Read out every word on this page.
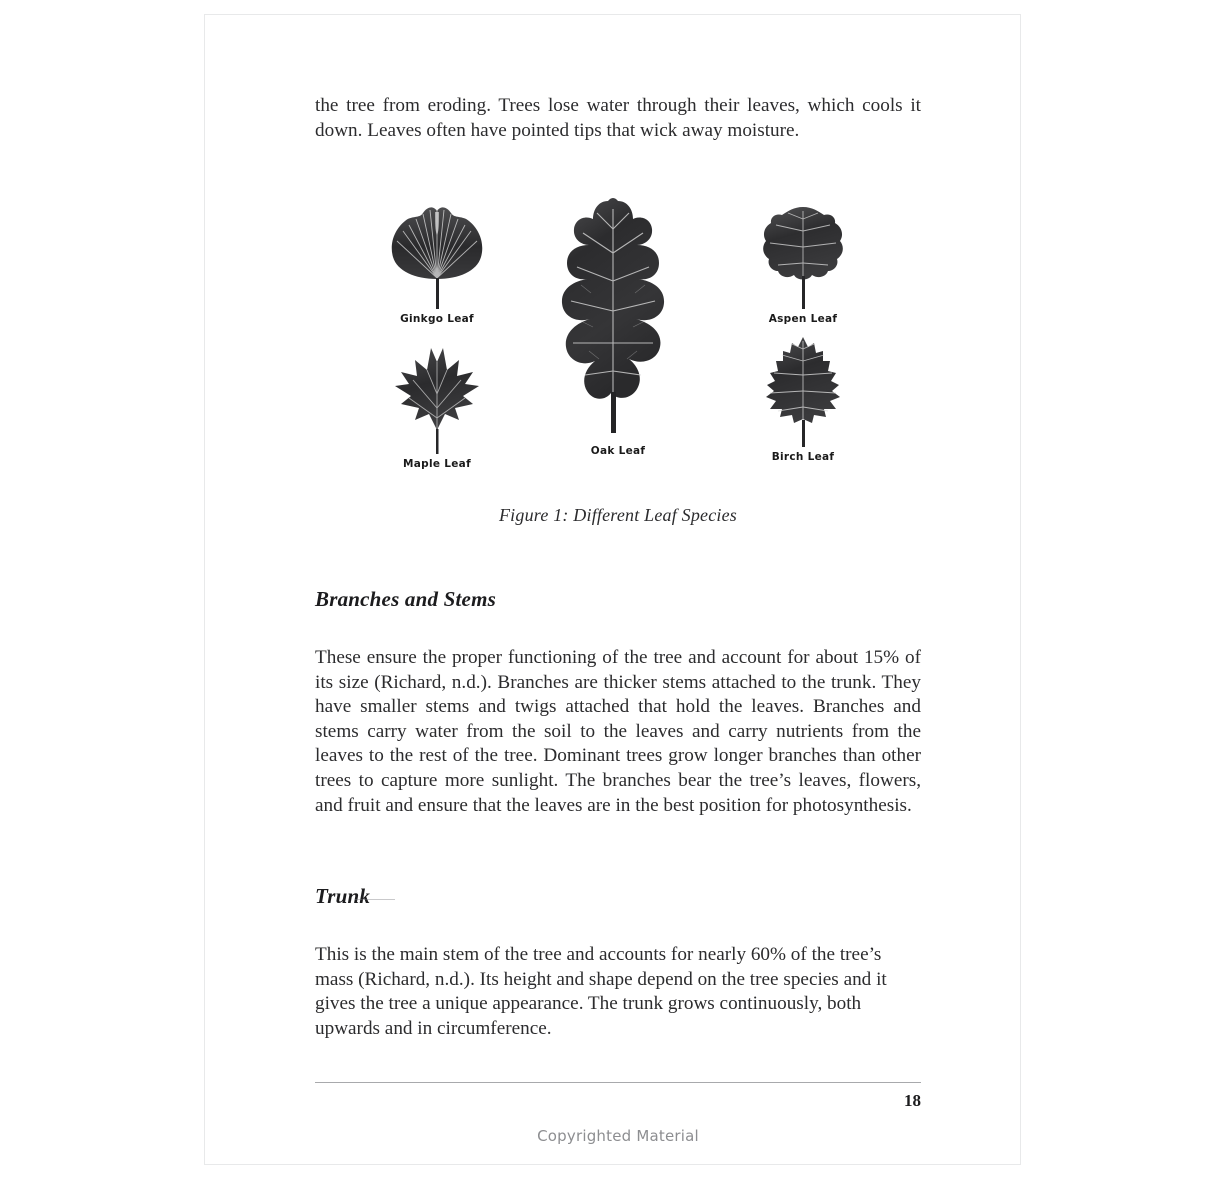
the tree from eroding. Trees lose water through their leaves, which cools it down. Leaves often have pointed tips that wick away moisture.

Ginkgo Leaf
Maple Leaf
Oak Leaf
Aspen Leaf
Birch Leaf
Figure 1: Different Leaf Species
Branches and Stems

These ensure the proper functioning of the tree and account for about 15% of its size (Richard, n.d.). Branches are thicker stems attached to the trunk. They have smaller stems and twigs attached that hold the leaves. Branches and stems carry water from the soil to the leaves and carry nutrients from the leaves to the rest of the tree. Dominant trees grow longer branches than other trees to capture more sunlight. The branches bear the tree’s leaves, flowers, and fruit and ensure that the leaves are in the best position for photosynthesis.

Trunk

This is the main stem of the tree and accounts for nearly 60% of the tree’s mass (Richard, n.d.). Its height and shape depend on the tree species and it gives the tree a unique appearance. The trunk grows continuously, both upwards and in circumference.

18
Copyrighted Material
